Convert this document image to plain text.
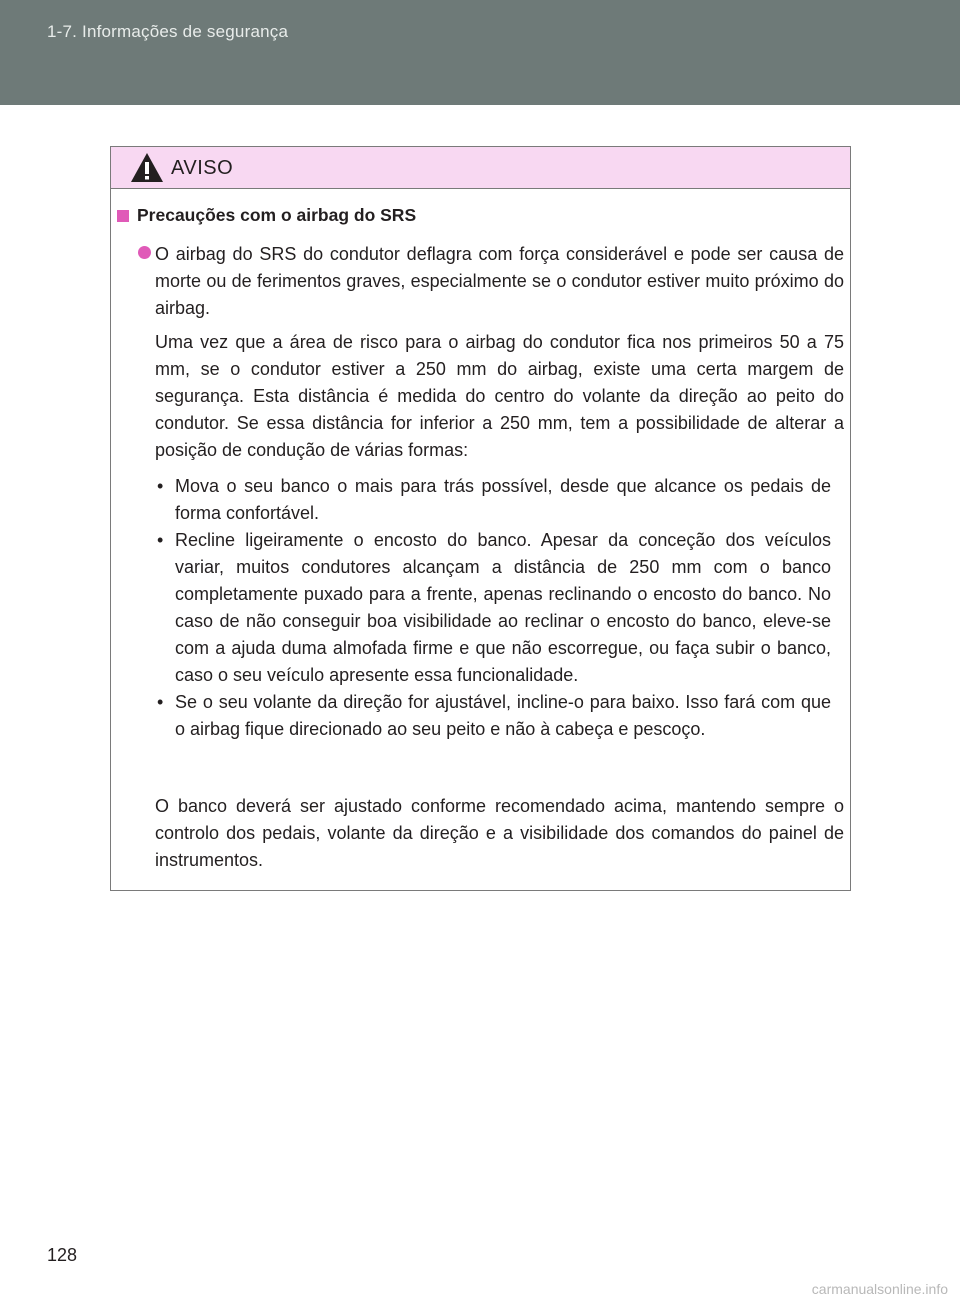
1-7. Informações de segurança
AVISO
Precauções com o airbag do SRS

O airbag do SRS do condutor deflagra com força considerável e pode ser causa de morte ou de ferimentos graves, especialmente se o condutor estiver muito próximo do airbag.

Uma vez que a área de risco para o airbag do condutor fica nos primeiros 50 a 75 mm, se o condutor estiver a 250 mm do airbag, existe uma certa margem de segurança. Esta distância é medida do centro do volante da direção ao peito do condutor. Se essa distância for inferior a 250 mm, tem a possibilidade de alterar a posição de condução de várias formas:

• Mova o seu banco o mais para trás possível, desde que alcance os pedais de forma confortável.
• Recline ligeiramente o encosto do banco. Apesar da conceção dos veículos variar, muitos condutores alcançam a distância de 250 mm com o banco completamente puxado para a frente, apenas reclinando o encosto do banco. No caso de não conseguir boa visibilidade ao reclinar o encosto do banco, eleve-se com a ajuda duma almofada firme e que não escorregue, ou faça subir o banco, caso o seu veículo apresente essa funcionalidade.
• Se o seu volante da direção for ajustável, incline-o para baixo. Isso fará com que o airbag fique direcionado ao seu peito e não à cabeça e pescoço.

O banco deverá ser ajustado conforme recomendado acima, mantendo sempre o controlo dos pedais, volante da direção e a visibilidade dos comandos do painel de instrumentos.

128
carmanualsonline.info
